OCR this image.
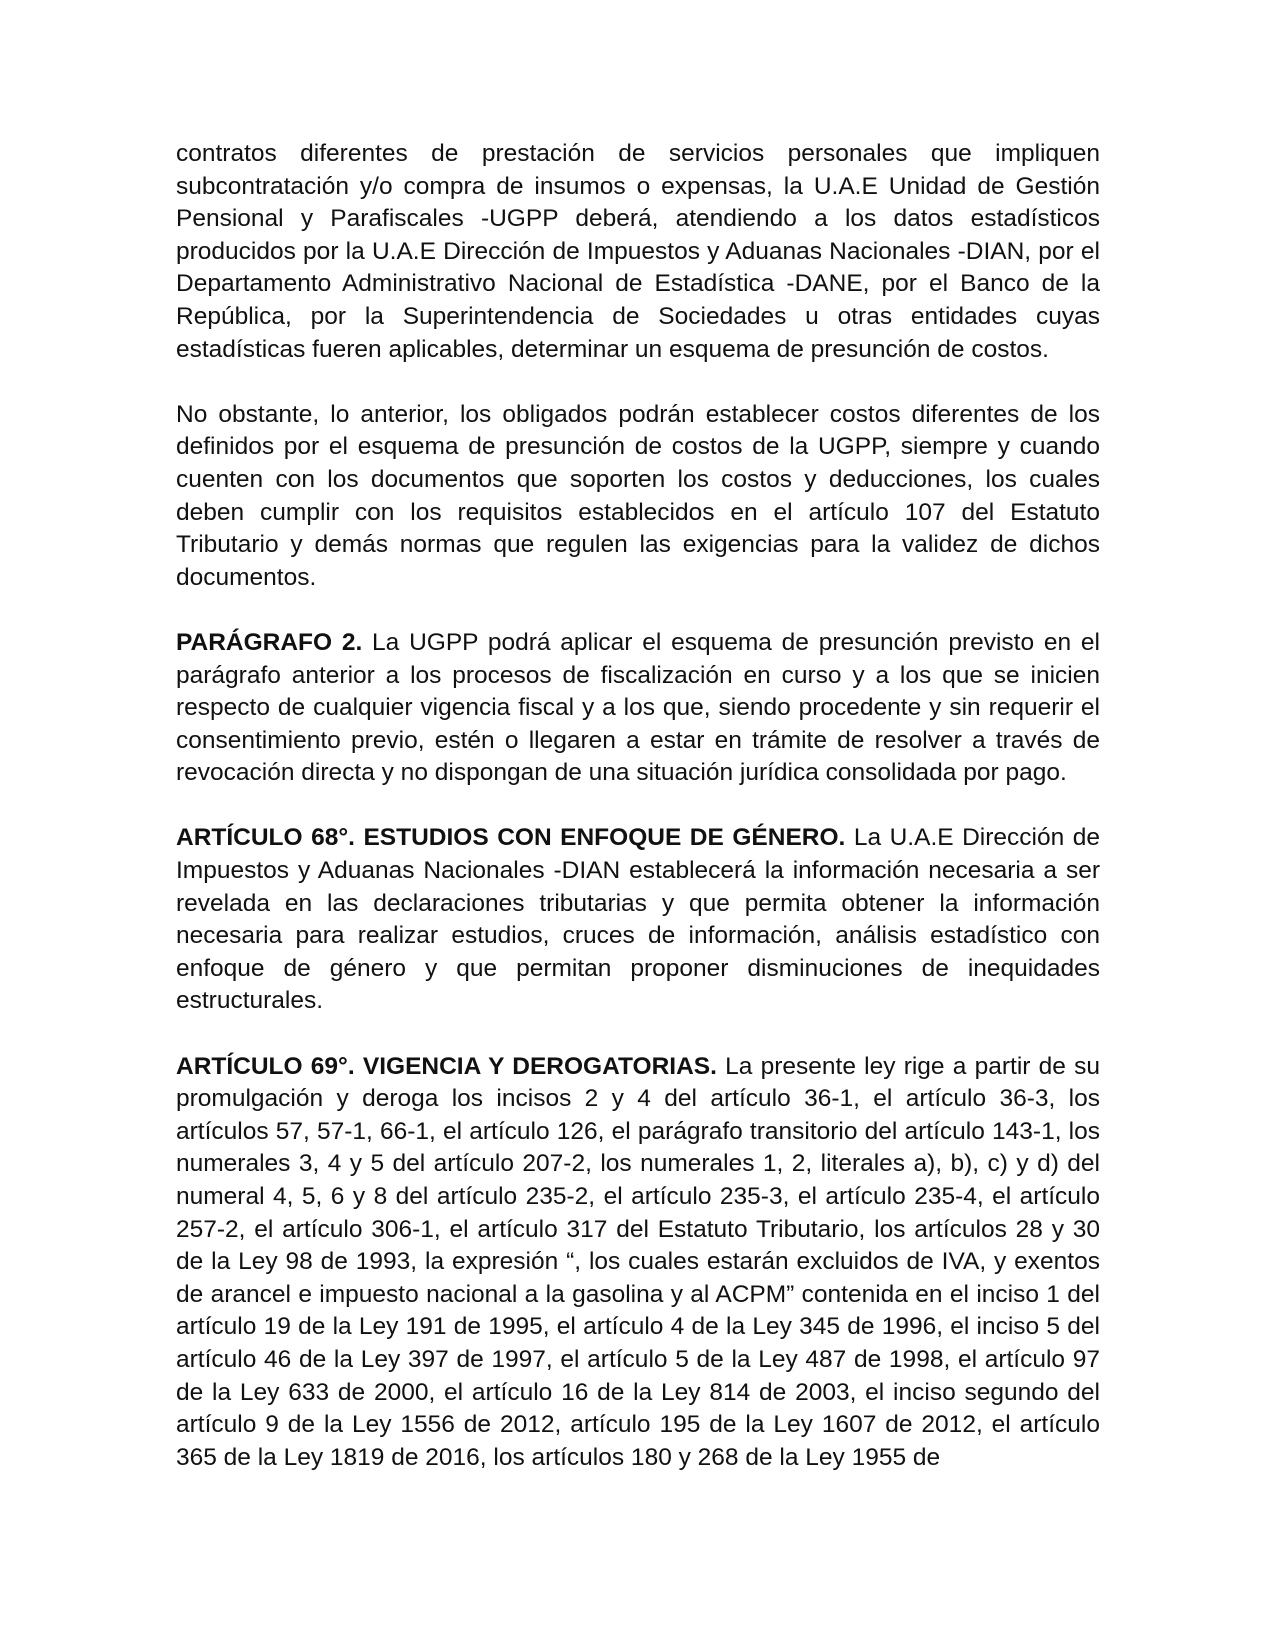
contratos diferentes de prestación de servicios personales que impliquen subcontratación y/o compra de insumos o expensas, la U.A.E Unidad de Gestión Pensional y Parafiscales -UGPP deberá, atendiendo a los datos estadísticos producidos por la U.A.E Dirección de Impuestos y Aduanas Nacionales -DIAN, por el Departamento Administrativo Nacional de Estadística -DANE, por el Banco de la República, por la Superintendencia de Sociedades u otras entidades cuyas estadísticas fueren aplicables, determinar un esquema de presunción de costos.

No obstante, lo anterior, los obligados podrán establecer costos diferentes de los definidos por el esquema de presunción de costos de la UGPP, siempre y cuando cuenten con los documentos que soporten los costos y deducciones, los cuales deben cumplir con los requisitos establecidos en el artículo 107 del Estatuto Tributario y demás normas que regulen las exigencias para la validez de dichos documentos.

PARÁGRAFO 2. La UGPP podrá aplicar el esquema de presunción previsto en el parágrafo anterior a los procesos de fiscalización en curso y a los que se inicien respecto de cualquier vigencia fiscal y a los que, siendo procedente y sin requerir el consentimiento previo, estén o llegaren a estar en trámite de resolver a través de revocación directa y no dispongan de una situación jurídica consolidada por pago.

ARTÍCULO 68°. ESTUDIOS CON ENFOQUE DE GÉNERO. La U.A.E Dirección de Impuestos y Aduanas Nacionales -DIAN establecerá la información necesaria a ser revelada en las declaraciones tributarias y que permita obtener la información necesaria para realizar estudios, cruces de información, análisis estadístico con enfoque de género y que permitan proponer disminuciones de inequidades estructurales.

ARTÍCULO 69°. VIGENCIA Y DEROGATORIAS. La presente ley rige a partir de su promulgación y deroga los incisos 2 y 4 del artículo 36-1, el artículo 36-3, los artículos 57, 57-1, 66-1, el artículo 126, el parágrafo transitorio del artículo 143-1, los numerales 3, 4 y 5 del artículo 207-2, los numerales 1, 2, literales a), b), c) y d) del numeral 4, 5, 6 y 8 del artículo 235-2, el artículo 235-3, el artículo 235-4, el artículo 257-2, el artículo 306-1, el artículo 317 del Estatuto Tributario, los artículos 28 y 30 de la Ley 98 de 1993, la expresión “, los cuales estarán excluidos de IVA, y exentos de arancel e impuesto nacional a la gasolina y al ACPM” contenida en el inciso 1 del artículo 19 de la Ley 191 de 1995, el artículo 4 de la Ley 345 de 1996, el inciso 5 del artículo 46 de la Ley 397 de 1997, el artículo 5 de la Ley 487 de 1998, el artículo 97 de la Ley 633 de 2000, el artículo 16 de la Ley 814 de 2003, el inciso segundo del artículo 9 de la Ley 1556 de 2012, artículo 195 de la Ley 1607 de 2012, el artículo 365 de la Ley 1819 de 2016, los artículos 180 y 268 de la Ley 1955 de
